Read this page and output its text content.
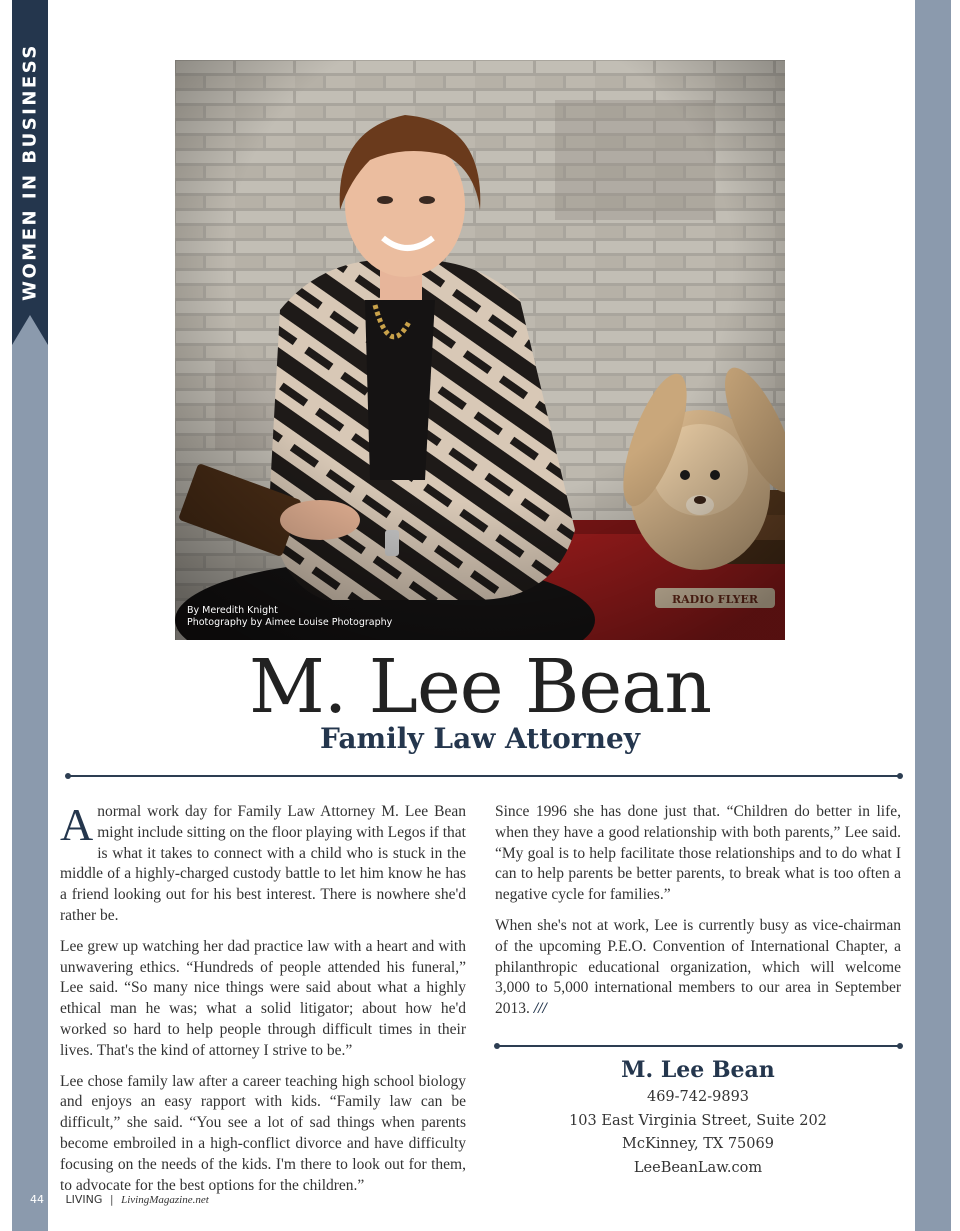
WOMEN IN BUSINESS
By Meredith Knight
Photography by Aimee Louise Photography
M. Lee Bean
Family Law Attorney

Anormal work day for Family Law Attorney M. Lee Bean might include sitting on the floor playing with Legos if that is what it takes to connect with a child who is stuck in the middle of a highly-charged custody battle to let him know he has a friend looking out for his best interest. There is nowhere she'd rather be.

Lee grew up watching her dad practice law with a heart and with unwavering ethics. “Hundreds of people attended his funeral,” Lee said. “So many nice things were said about what a highly ethical man he was; what a solid litigator; about how he'd worked so hard to help people through difficult times in their lives. That's the kind of attorney I strive to be.”

Lee chose family law after a career teaching high school biology and enjoys an easy rapport with kids. “Family law can be difficult,” she said. “You see a lot of sad things when parents become embroiled in a high-conflict divorce and have difficulty focusing on the needs of the kids. I'm there to look out for them, to advocate for the best options for the children.”

Since 1996 she has done just that. “Children do better in life, when they have a good relationship with both parents,” Lee said. “My goal is to help facilitate those relationships and to do what I can to help parents be better parents, to break what is too often a negative cycle for families.”

When she's not at work, Lee is currently busy as vice-chairman of the upcoming P.E.O. Convention of International Chapter, a philanthropic educational organization, which will welcome 3,000 to 5,000 international members to our area in September 2013. ///

M. Lee Bean
469-742-9893
103 East Virginia Street, Suite 202
McKinney, TX 75069
LeeBeanLaw.com
44 LIVING | LivingMagazine.net
